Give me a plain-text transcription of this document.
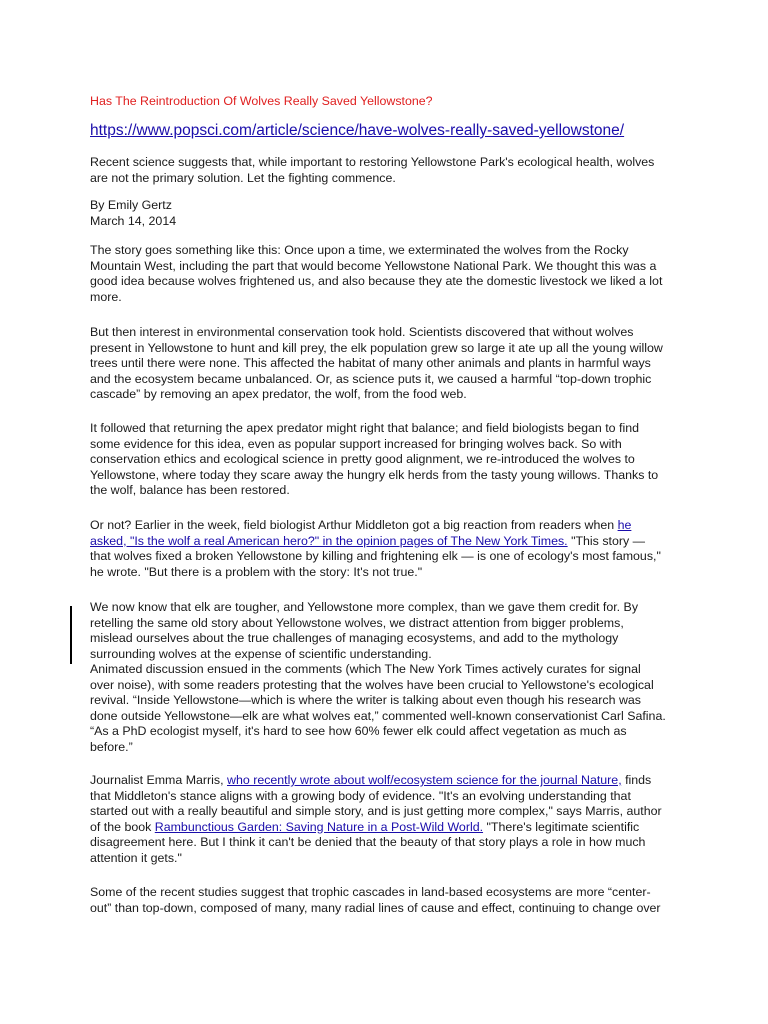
Has The Reintroduction Of Wolves Really Saved Yellowstone?
https://www.popsci.com/article/science/have-wolves-really-saved-yellowstone/

Recent science suggests that, while important to restoring Yellowstone Park's ecological health, wolves
are not the primary solution. Let the fighting commence.

By Emily Gertz
March 14, 2014

The story goes something like this: Once upon a time, we exterminated the wolves from the Rocky
Mountain West, including the part that would become Yellowstone National Park. We thought this was a
good idea because wolves frightened us, and also because they ate the domestic livestock we liked a lot
more.

But then interest in environmental conservation took hold. Scientists discovered that without wolves
present in Yellowstone to hunt and kill prey, the elk population grew so large it ate up all the young willow
trees until there were none. This affected the habitat of many other animals and plants in harmful ways
and the ecosystem became unbalanced. Or, as science puts it, we caused a harmful “top-down trophic
cascade” by removing an apex predator, the wolf, from the food web.

It followed that returning the apex predator might right that balance; and field biologists began to find
some evidence for this idea, even as popular support increased for bringing wolves back. So with
conservation ethics and ecological science in pretty good alignment, we re-introduced the wolves to
Yellowstone, where today they scare away the hungry elk herds from the tasty young willows. Thanks to
the wolf, balance has been restored.

Or not? Earlier in the week, field biologist Arthur Middleton got a big reaction from readers when he
asked, "Is the wolf a real American hero?" in the opinion pages of The New York Times. "This story —
that wolves fixed a broken Yellowstone by killing and frightening elk — is one of ecology's most famous,"
he wrote. "But there is a problem with the story: It's not true."

We now know that elk are tougher, and Yellowstone more complex, than we gave them credit for. By
retelling the same old story about Yellowstone wolves, we distract attention from bigger problems,
mislead ourselves about the true challenges of managing ecosystems, and add to the mythology
surrounding wolves at the expense of scientific understanding.
Animated discussion ensued in the comments (which The New York Times actively curates for signal
over noise), with some readers protesting that the wolves have been crucial to Yellowstone's ecological
revival. “Inside Yellowstone—which is where the writer is talking about even though his research was
done outside Yellowstone—elk are what wolves eat,” commented well-known conservationist Carl Safina.
“As a PhD ecologist myself, it's hard to see how 60% fewer elk could affect vegetation as much as
before.”

Journalist Emma Marris, who recently wrote about wolf/ecosystem science for the journal Nature, finds
that Middleton's stance aligns with a growing body of evidence. "It's an evolving understanding that
started out with a really beautiful and simple story, and is just getting more complex," says Marris, author
of the book Rambunctious Garden: Saving Nature in a Post-Wild World. "There's legitimate scientific
disagreement here. But I think it can't be denied that the beauty of that story plays a role in how much
attention it gets."

Some of the recent studies suggest that trophic cascades in land-based ecosystems are more “center-
out” than top-down, composed of many, many radial lines of cause and effect, continuing to change over
